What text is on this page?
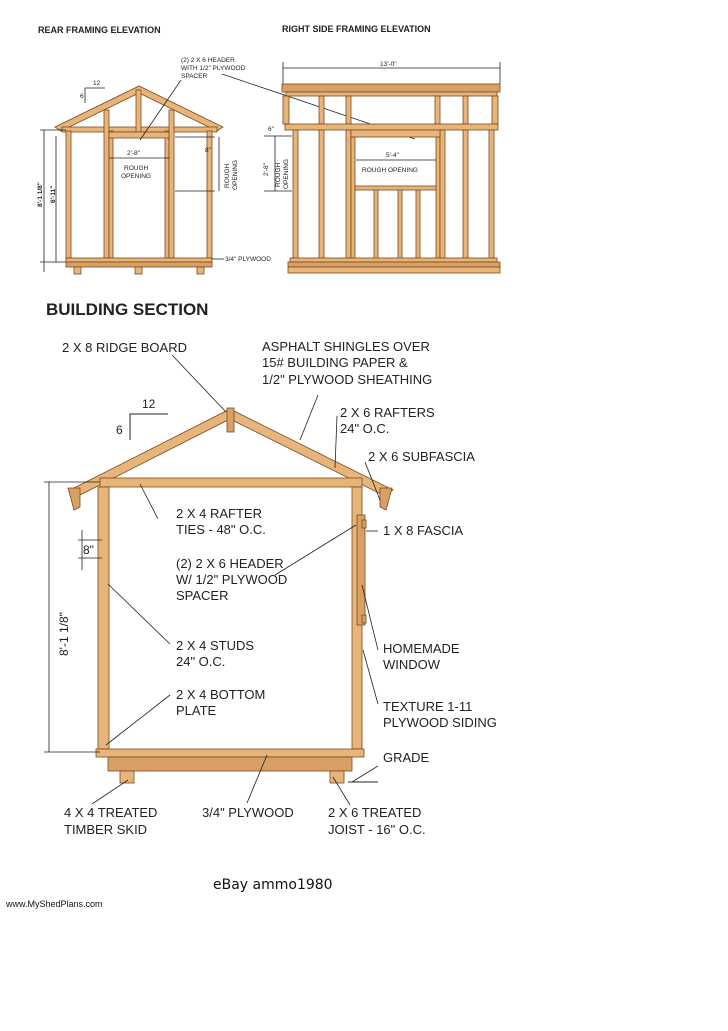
REAR FRAMING ELEVATION
12
6
8'-1 1/8" 6'-11"
2'-8"
ROUGH
OPENING
8"
ROUGH OPENING
3/4" PLYWOOD
(2) 2 X 6 HEADER
WITH 1/2" PLYWOOD
SPACER
RIGHT SIDE FRAMING ELEVATION
13'-0"
5'-4"
ROUGH OPENING
6"
2'-8" ROUGH OPENING
BUILDING SECTION
12
6
8'-1 1/8"
8"
2 X 8 RIDGE BOARD	ASPHALT SHINGLES OVER
15# BUILDING PAPER &
1/2" PLYWOOD SHEATHING
2 X 6 RAFTERS
24" O.C.
2 X 6 SUBFASCIA
2 X 4 RAFTER
TIES - 48" O.C.	1 X 8 FASCIA
(2) 2 X 6 HEADER
W/ 1/2" PLYWOOD
SPACER
2 X 4 STUDS
24" O.C.
HOMEMADE
WINDOW
2 X 4 BOTTOM
PLATE	TEXTURE 1-11
PLYWOOD SIDING
GRADE
4 X 4 TREATED
TIMBER SKID
3/4" PLYWOOD	2 X 6 TREATED
JOIST - 16" O.C.
eBay ammo1980
www.MyShedPlans.com
